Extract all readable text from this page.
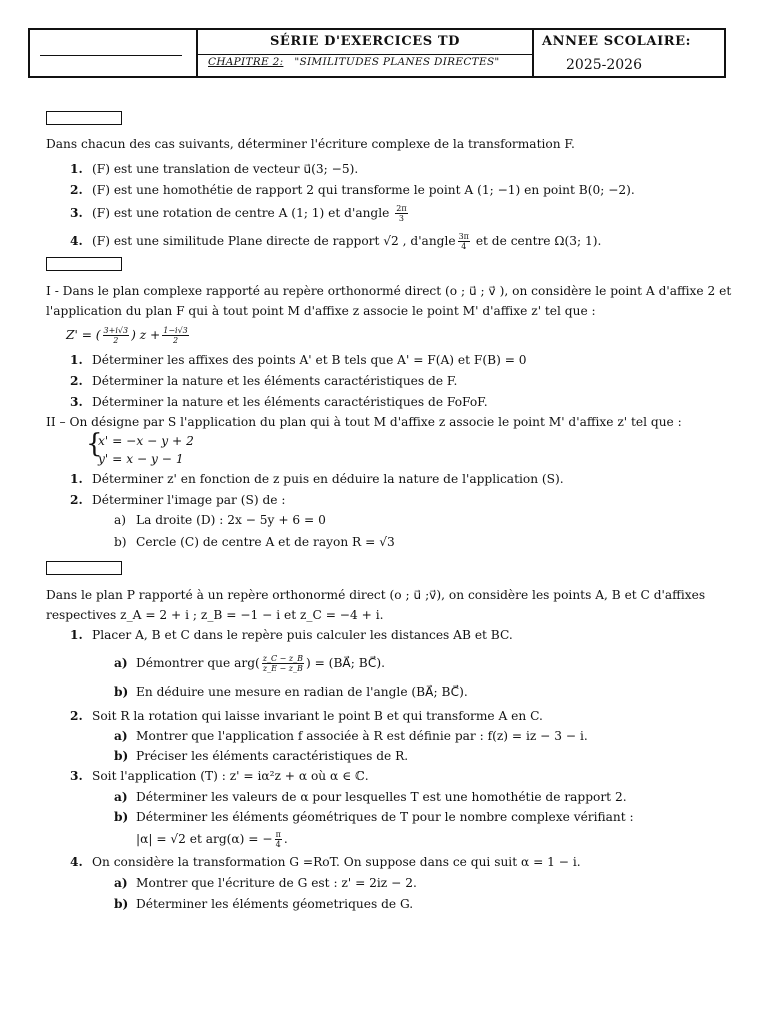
SÉRIE D'EXERCICES TD
CHAPITRE 2: "SIMILITUDES PLANES DIRECTES"
ANNEE SCOLAIRE:
2025-2026
Dans chacun des cas suivants, déterminer l'écriture complexe de la transformation F.
1. (F) est une translation de vecteur u⃗(3; −5).
2. (F) est une homothétie de rapport 2 qui transforme le point A (1; −1) en point B(0; −2).
3. (F) est une rotation de centre A (1; 1) et d'angle $\frac{2\pi}{3}$
4. (F) est une similitude Plane directe de rapport √2 , d'angle $\frac{3\pi}{4}$ et de centre Ω(3; 1).
I - Dans le plan complexe rapporté au repère orthonormé direct (o ; u⃗ ; v⃗ ), on considère le point A d'affixe 2 et
l'application du plan F qui à tout point M d'affixe z associe le point M' d'affixe z' tel que :
Z' = ( $\frac{3+i√3}{2}$ ) $z + \frac{1-i√3}{2}$
1. Déterminer les affixes des points A' et B tels que A' = F(A) et F(B) = 0
2. Déterminer la nature et les éléments caractéristiques de F.
3. Déterminer la nature et les éléments caractéristiques de FoFoF.
II – On désigne par S l'application du plan qui à tout M d'affixe z associe le point M' d'affixe z' tel que :
{
x' = −x − y + 2
y' = x − y − 1
1. Déterminer z' en fonction de z puis en déduire la nature de l'application (S).
2. Déterminer l'image par (S) de :
a) La droite (D) : 2x − 5y + 6 = 0
b) Cercle (C) de centre A et de rayon R = √3
Dans le plan P rapporté à un repère orthonormé direct (o ; u⃗ ;v⃗), on considère les points A, B et C d'affixes
respectives z_A = 2 + i ; z_B = −1 − i et z_C = −4 + i.
1. Placer A, B et C dans le repère puis calculer les distances AB et BC.
a) Démontrer que $arg( \frac{z\_C - z\_B}{z\_E - z\_B}$ ) = (BA⃗; BC⃗).
b) En déduire une mesure en radian de l'angle (BA⃗; BC⃗).
2. Soit R la rotation qui laisse invariant le point B et qui transforme A en C.
a) Montrer que l'application f associée à R est définie par : f(z) = iz − 3 − i.
b) Préciser les éléments caractéristiques de R.
3. Soit l'application (T) : z' = iα²z + α où α ∈ ℂ.
a) Déterminer les valeurs de α pour lesquelles T est une homothétie de rapport 2.
b) Déterminer les éléments géométriques de T pour le nombre complexe vérifiant :
|α| = √2 et arg(α) = − $\frac{\pi}{4}$ .
4. On considère la transformation G =RoT. On suppose dans ce qui suit α = 1 − i.
a) Montrer que l'écriture de G est : z' = 2iz − 2.
b) Déterminer les éléments géometriques de G.
